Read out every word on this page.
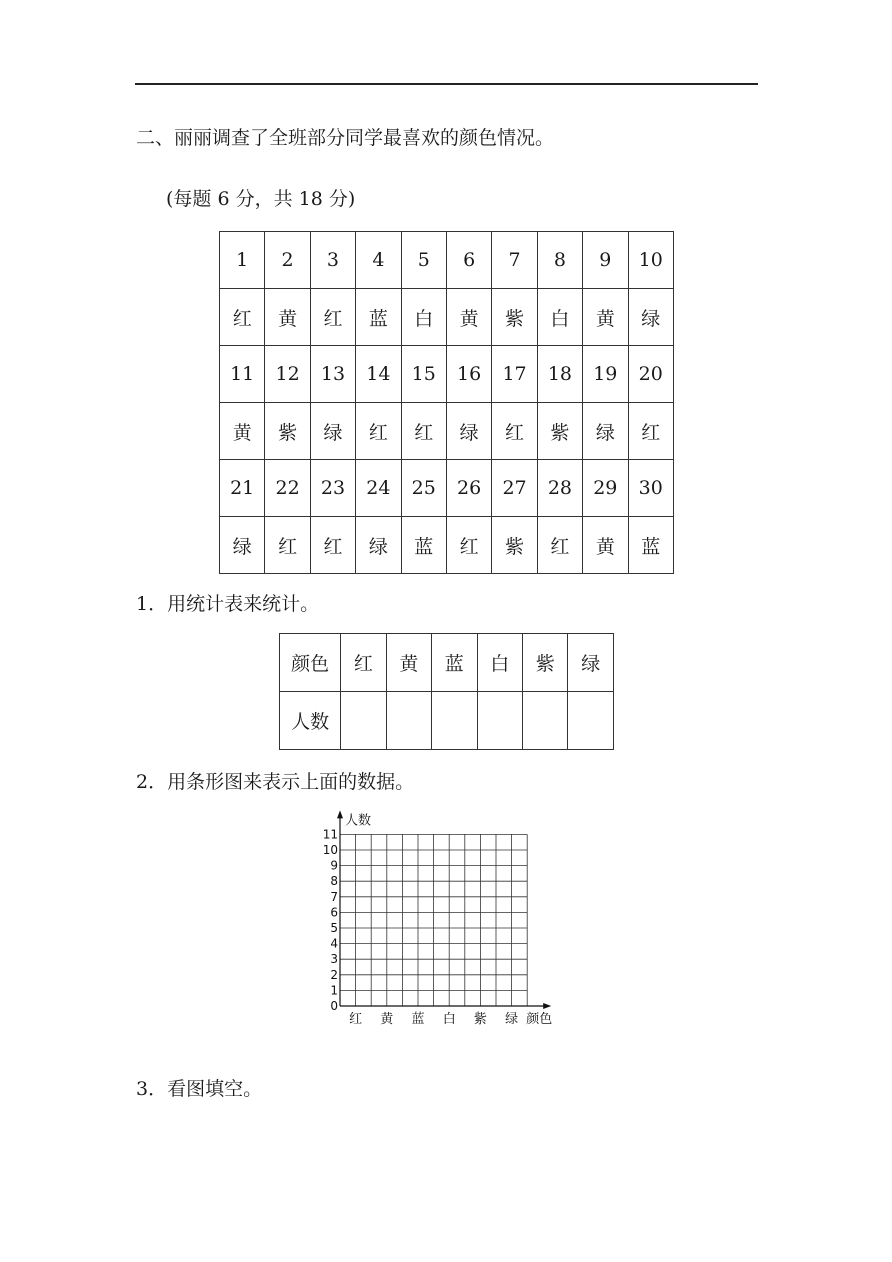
二、丽丽调查了全班部分同学最喜欢的颜色情况。
(每题 6 分，共 18 分)
1	2	3	4	5	6	7	8	9	10
红	黄	红	蓝	白	黄	紫	白	黄	绿
11	12	13	14	15	16	17	18	19	20
黄	紫	绿	红	红	绿	红	紫	绿	红
21	22	23	24	25	26	27	28	29	30
绿	红	红	绿	蓝	红	紫	红	黄	蓝
1．用统计表来统计。
颜色	红	黄	蓝	白	紫	绿
人数						
2．用条形图来表示上面的数据。
0
1
2
3
4
5
6
7
8
9
10
11
人数
红 黄 蓝 白 紫 绿 颜色
3．看图填空。
